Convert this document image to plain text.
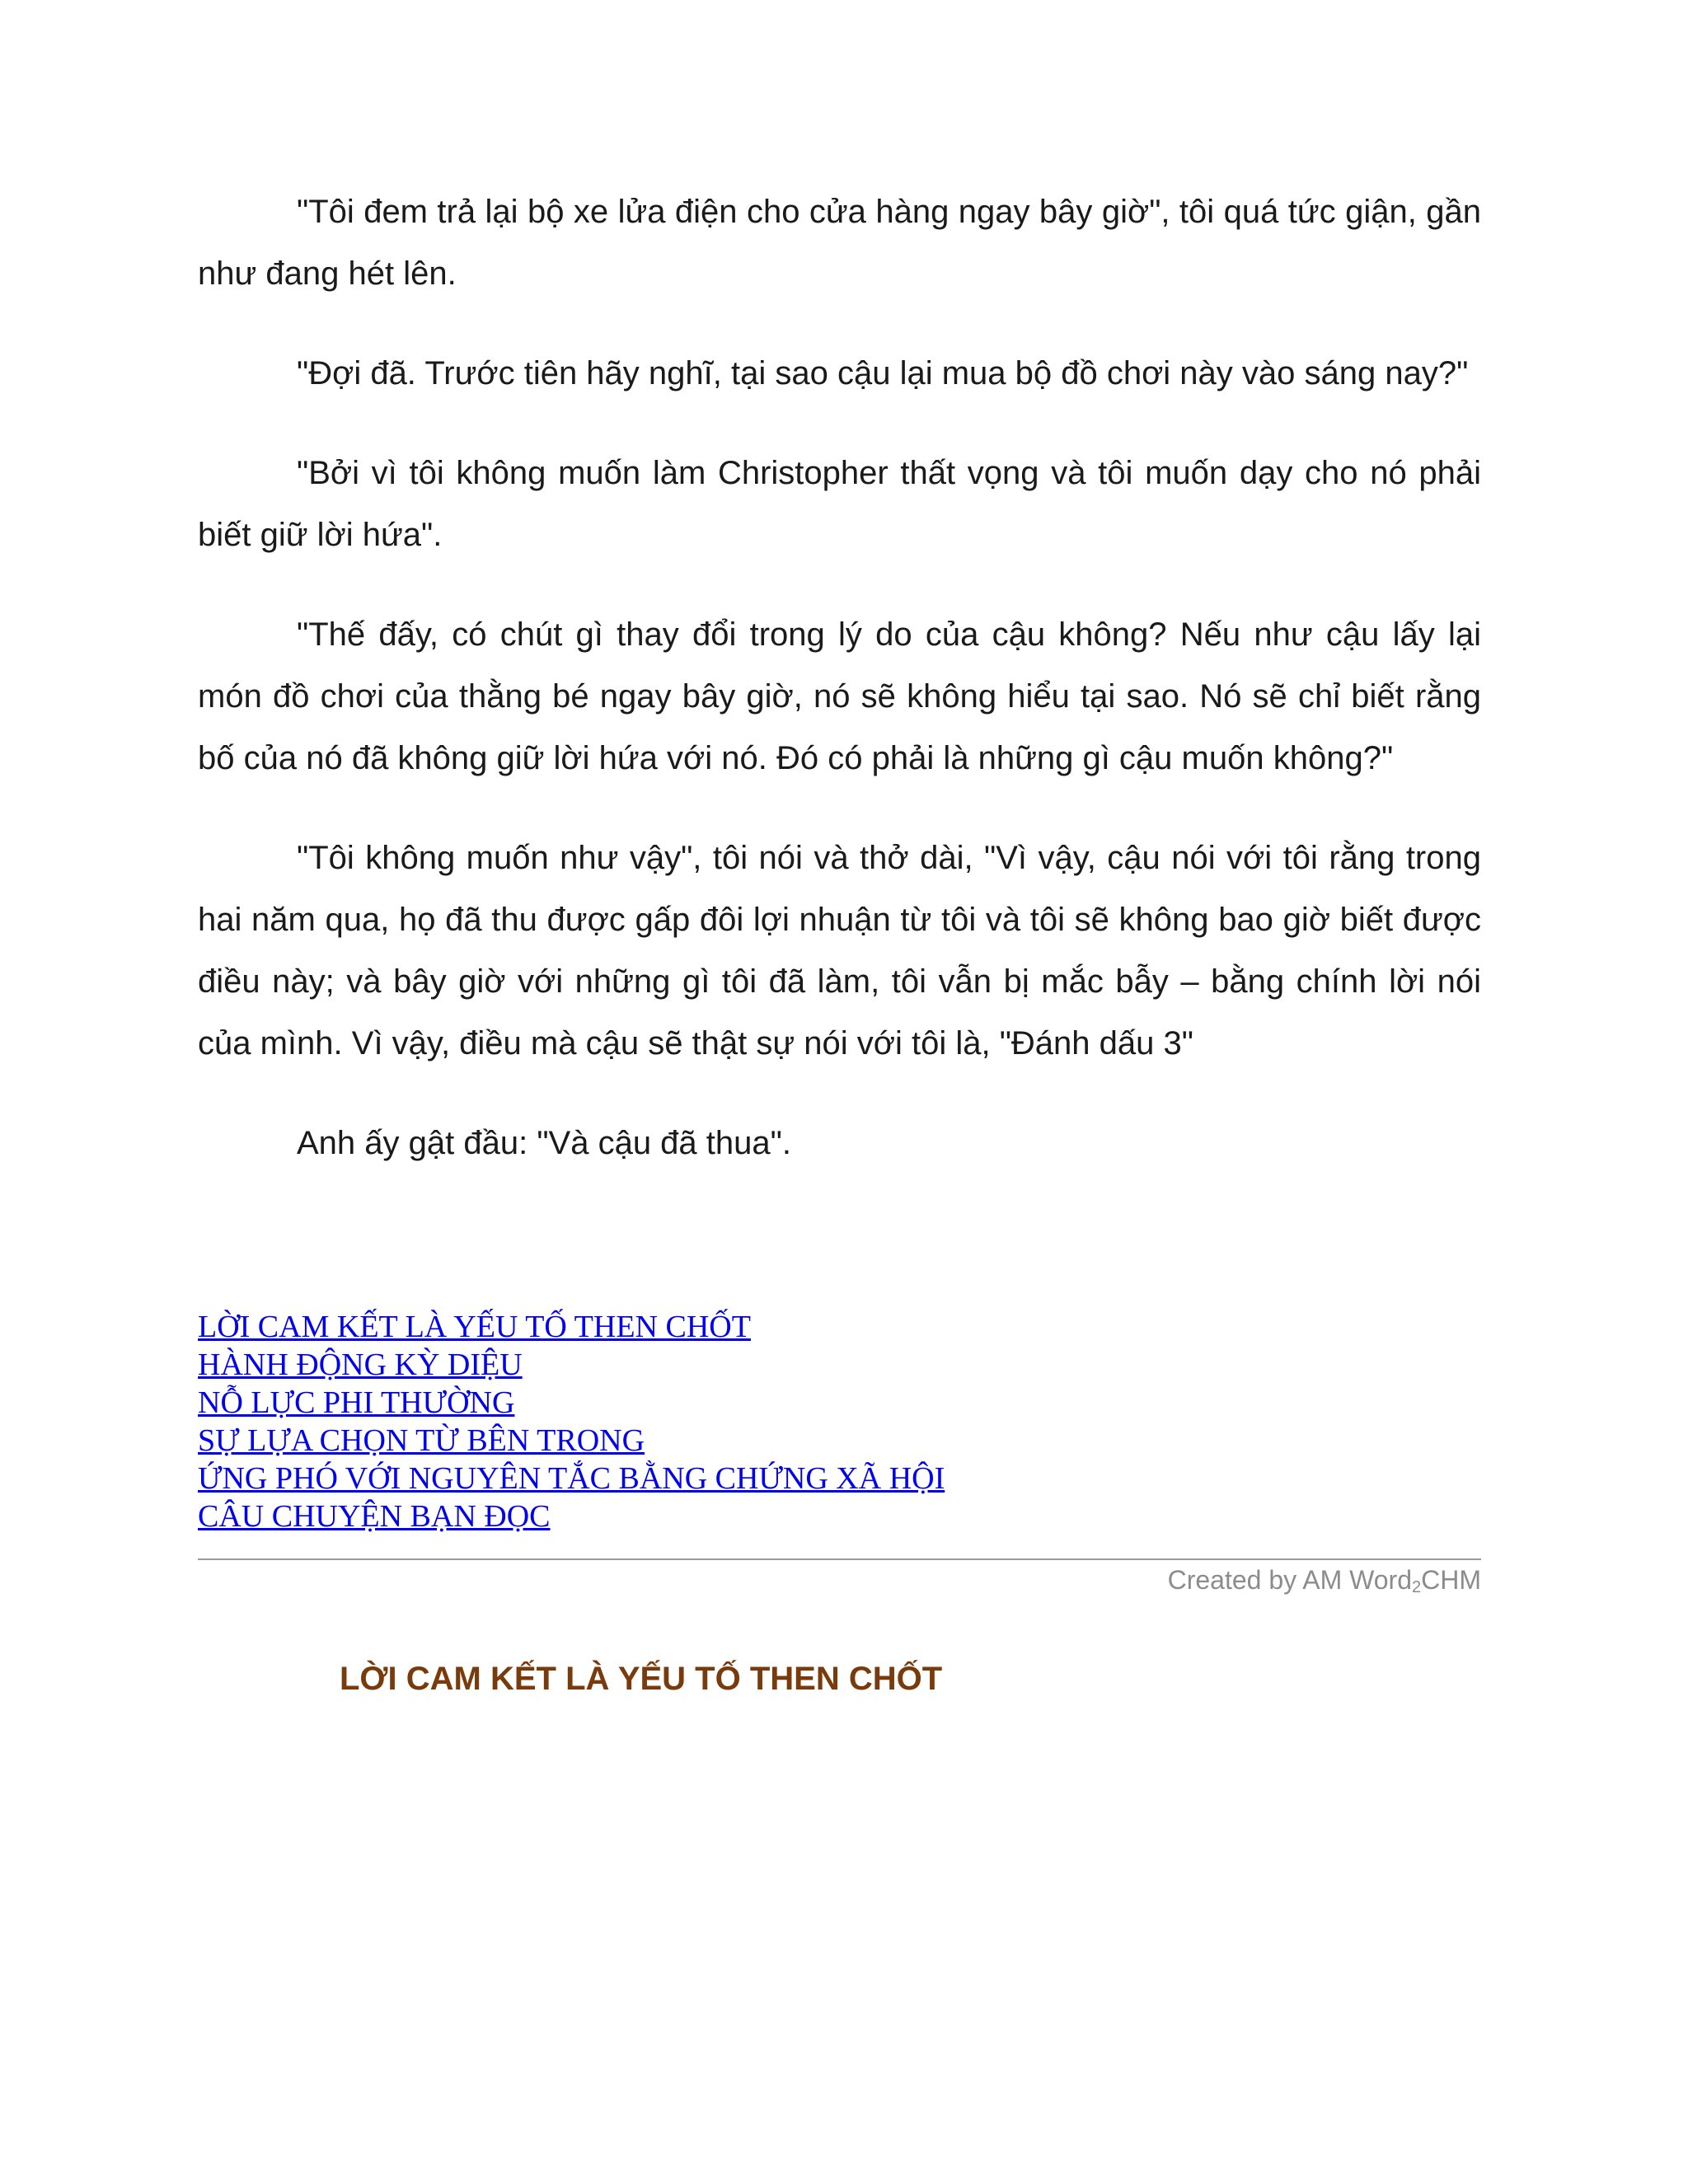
"Tôi đem trả lại bộ xe lửa điện cho cửa hàng ngay bây giờ", tôi quá tức giận, gần như đang hét lên.

"Đợi đã. Trước tiên hãy nghĩ, tại sao cậu lại mua bộ đồ chơi này vào sáng nay?"

"Bởi vì tôi không muốn làm Christopher thất vọng và tôi muốn dạy cho nó phải biết giữ lời hứa".

"Thế đấy, có chút gì thay đổi trong lý do của cậu không? Nếu như cậu lấy lại món đồ chơi của thằng bé ngay bây giờ, nó sẽ không hiểu tại sao. Nó sẽ chỉ biết rằng bố của nó đã không giữ lời hứa với nó. Đó có phải là những gì cậu muốn không?"

"Tôi không muốn như vậy", tôi nói và thở dài, "Vì vậy, cậu nói với tôi rằng trong hai năm qua, họ đã thu được gấp đôi lợi nhuận từ tôi và tôi sẽ không bao giờ biết được điều này; và bây giờ với những gì tôi đã làm, tôi vẫn bị mắc bẫy – bằng chính lời nói của mình. Vì vậy, điều mà cậu sẽ thật sự nói với tôi là, "Đánh dấu 3"

Anh ấy gật đầu: "Và cậu đã thua".

LỜI CAM KẾT LÀ YẾU TỐ THEN CHỐT
HÀNH ĐỘNG KỲ DIỆU
NỖ LỰC PHI THƯỜNG
SỰ LỰA CHỌN TỪ BÊN TRONG
ỨNG PHÓ VỚI NGUYÊN TẮC BẰNG CHỨNG XÃ HỘI
CÂU CHUYỆN BẠN ĐỌC
Created by AM Word$_2$CHM
LỜI CAM KẾT LÀ YẾU TỐ THEN CHỐT
